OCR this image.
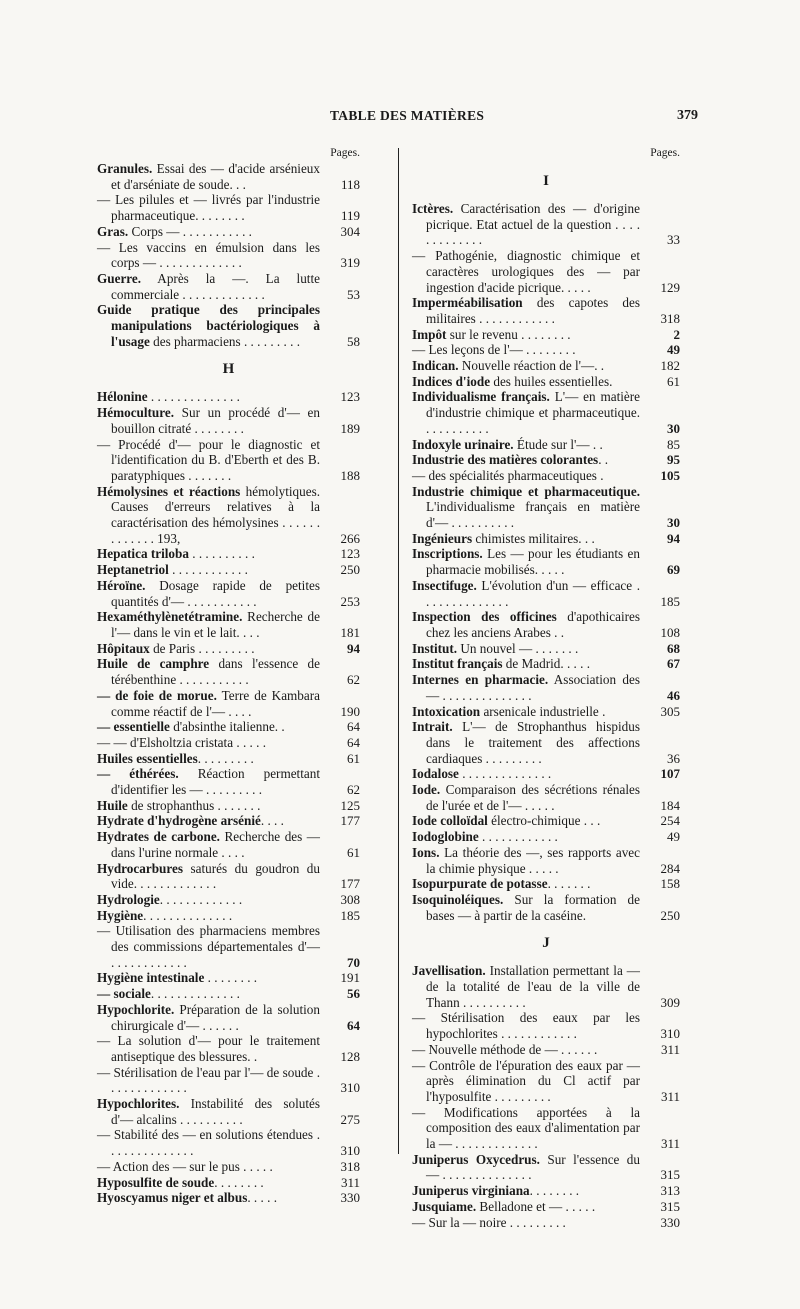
TABLE DES MATIÈRES	379
Pages.
Granules. Essai des — d'acide arsénieux et d'arséniate de soude. . .	118
— Les pilules et — livrés par l'industrie pharmaceutique. . . . . . . .	119
Gras. Corps — . . . . . . . . . . .	304
— Les vaccins en émulsion dans les corps — . . . . . . . . . . . . .	319
Guerre. Après la —. La lutte commerciale . . . . . . . . . . . . .	53
Guide pratique des principales manipulations bactériologiques à l'usage des pharmaciens . . . . . . . . .	58
H
Hélonine . . . . . . . . . . . . . .	123
Hémoculture. Sur un procédé d'— en bouillon citraté . . . . . . . .	189
— Procédé d'— pour le diagnostic et l'identification du B. d'Eberth et des B. paratyphiques . . . . . . .	188
Hémolysines et réactions hémolytiques. Causes d'erreurs relatives à la caractérisation des hémolysines . . . . . . . . . . . . . 193,	266
Hepatica triloba . . . . . . . . . .	123
Heptanetriol . . . . . . . . . . . .	250
Héroïne. Dosage rapide de petites quantités d'— . . . . . . . . . . .	253
Hexaméthylènetétramine. Recherche de l'— dans le vin et le lait. . . .	181
Hôpitaux de Paris . . . . . . . . .	94
Huile de camphre dans l'essence de térébenthine . . . . . . . . . . .	62
— de foie de morue. Terre de Kambara comme réactif de l'— . . . .	190
— essentielle d'absinthe italienne. .	64
— — d'Elsholtzia cristata . . . . .	64
Huiles essentielles. . . . . . . . .	61
— éthérées. Réaction permettant d'identifier les — . . . . . . . . .	62
Huile de strophanthus . . . . . . .	125
Hydrate d'hydrogène arsénié. . . .	177
Hydrates de carbone. Recherche des — dans l'urine normale . . . .	61
Hydrocarbures saturés du goudron du vide. . . . . . . . . . . . .	177
Hydrologie. . . . . . . . . . . . .	308
Hygiène. . . . . . . . . . . . . .	185
— Utilisation des pharmaciens membres des commissions départementales d'— . . . . . . . . . . . .	70
Hygiène intestinale . . . . . . . .	191
— sociale. . . . . . . . . . . . . .	56
Hypochlorite. Préparation de la solution chirurgicale d'— . . . . . .	64
— La solution d'— pour le traitement antiseptique des blessures. .	128
— Stérilisation de l'eau par l'— de soude . . . . . . . . . . . . .	310
Hypochlorites. Instabilité des solutés d'— alcalins . . . . . . . . . .	275
— Stabilité des — en solutions étendues . . . . . . . . . . . . . .	310
— Action des — sur le pus . . . . .	318
Hyposulfite de soude. . . . . . . .	311
Hyoscyamus niger et albus. . . . .	330
Pages.
I
Ictères. Caractérisation des — d'origine picrique. Etat actuel de la question . . . . . . . . . . . . .	33
— Pathogénie, diagnostic chimique et caractères urologiques des — par ingestion d'acide picrique. . . . .	129
Imperméabilisation des capotes des militaires . . . . . . . . . . . .	318
Impôt sur le revenu . . . . . . . .	2
— Les leçons de l'— . . . . . . . .	49
Indican. Nouvelle réaction de l'—. .	182
Indices d'iode des huiles essentielles.	61
Individualisme français. L'— en matière d'industrie chimique et pharmaceutique. . . . . . . . . . .	30
Indoxyle urinaire. Étude sur l'— . .	85
Industrie des matières colorantes. .	95
— des spécialités pharmaceutiques .	105
Industrie chimique et pharmaceutique. L'individualisme français en matière d'— . . . . . . . . . .	30
Ingénieurs chimistes militaires. . .	94
Inscriptions. Les — pour les étudiants en pharmacie mobilisés. . . . .	69
Insectifuge. L'évolution d'un — efficace . . . . . . . . . . . . . .	185
Inspection des officines d'apothicaires chez les anciens Arabes . .	108
Institut. Un nouvel — . . . . . . .	68
Institut français de Madrid. . . . .	67
Internes en pharmacie. Association des — . . . . . . . . . . . . . .	46
Intoxication arsenicale industrielle .	305
Intrait. L'— de Strophanthus hispidus dans le traitement des affections cardiaques . . . . . . . . .	36
Iodalose . . . . . . . . . . . . . .	107
Iode. Comparaison des sécrétions rénales de l'urée et de l'— . . . . .	184
Iode colloïdal électro-chimique . . .	254
Iodoglobine . . . . . . . . . . . .	49
Ions. La théorie des —, ses rapports avec la chimie physique . . . . .	284
Isopurpurate de potasse. . . . . . .	158
Isoquinoléiques. Sur la formation de bases — à partir de la caséine.	250
J
Javellisation. Installation permettant la — de la totalité de l'eau de la ville de Thann . . . . . . . . . .	309
— Stérilisation des eaux par les hypochlorites . . . . . . . . . . . .	310
— Nouvelle méthode de — . . . . . .	311
— Contrôle de l'épuration des eaux par — après élimination du Cl actif par l'hyposulfite . . . . . . . . .	311
— Modifications apportées à la composition des eaux d'alimentation par la — . . . . . . . . . . . . .	311
Juniperus Oxycedrus. Sur l'essence du — . . . . . . . . . . . . . .	315
Juniperus virginiana. . . . . . . .	313
Jusquiame. Belladone et — . . . . .	315
— Sur la — noire . . . . . . . . .	330
